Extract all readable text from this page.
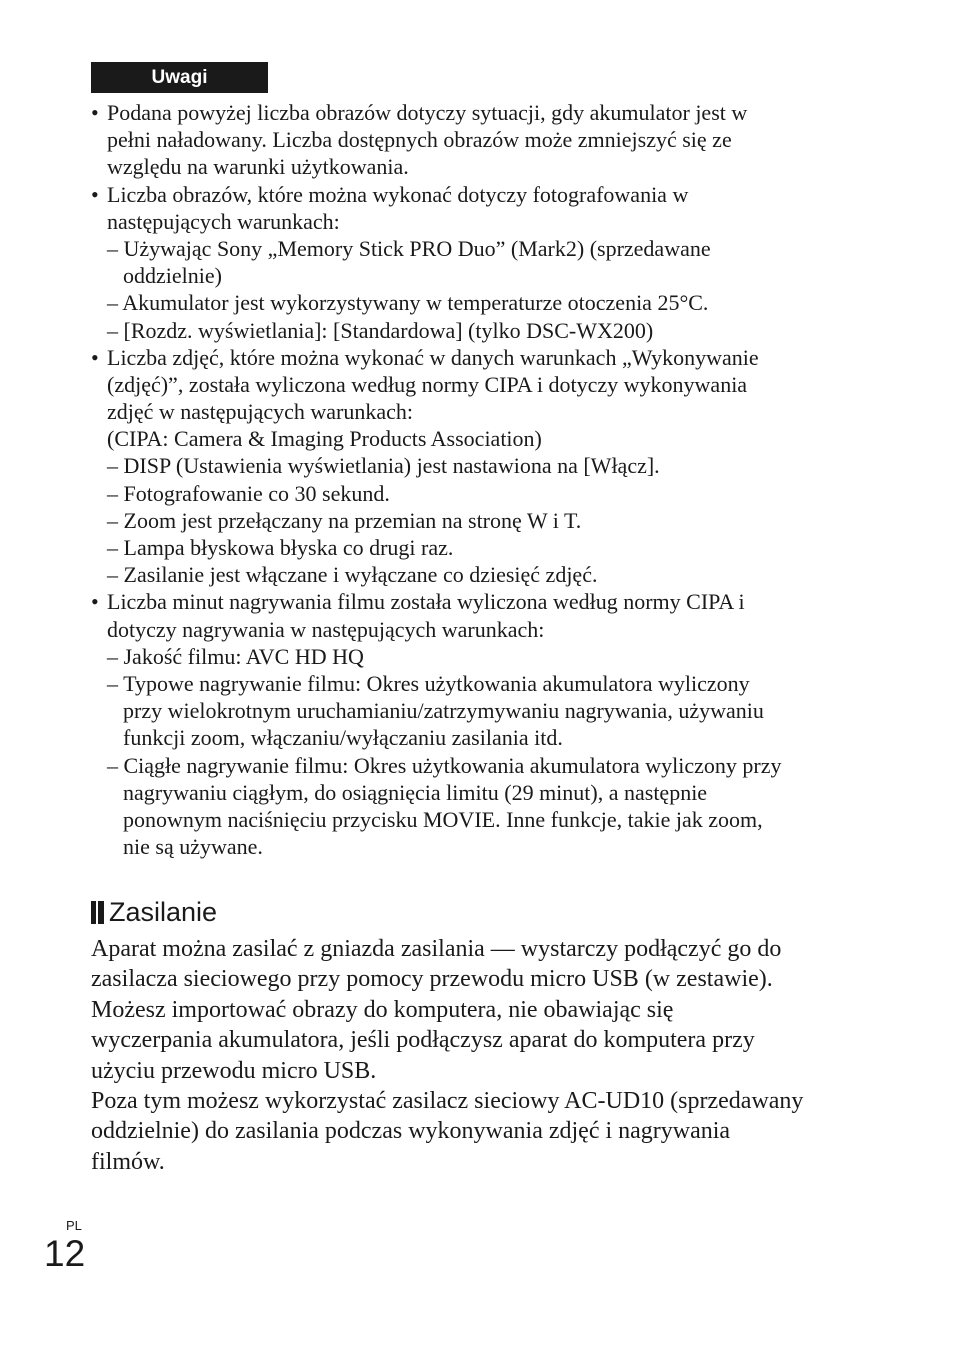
Uwagi
• Podana powyżej liczba obrazów dotyczy sytuacji, gdy akumulator jest w
pełni naładowany. Liczba dostępnych obrazów może zmniejszyć się ze
względu na warunki użytkowania.
• Liczba obrazów, które można wykonać dotyczy fotografowania w
następujących warunkach:
– Używając Sony „Memory Stick PRO Duo” (Mark2) (sprzedawane
oddzielnie)
– Akumulator jest wykorzystywany w temperaturze otoczenia 25°C.
– [Rozdz. wyświetlania]: [Standardowa] (tylko DSC-WX200)
• Liczba zdjęć, które można wykonać w danych warunkach „Wykonywanie
(zdjęć)”, została wyliczona według normy CIPA i dotyczy wykonywania
zdjęć w następujących warunkach:
(CIPA: Camera & Imaging Products Association)
– DISP (Ustawienia wyświetlania) jest nastawiona na [Włącz].
– Fotografowanie co 30 sekund.
– Zoom jest przełączany na przemian na stronę W i T.
– Lampa błyskowa błyska co drugi raz.
– Zasilanie jest włączane i wyłączane co dziesięć zdjęć.
• Liczba minut nagrywania filmu została wyliczona według normy CIPA i
dotyczy nagrywania w następujących warunkach:
– Jakość filmu: AVC HD HQ
– Typowe nagrywanie filmu: Okres użytkowania akumulatora wyliczony
przy wielokrotnym uruchamianiu/zatrzymywaniu nagrywania, używaniu
funkcji zoom, włączaniu/wyłączaniu zasilania itd.
– Ciągłe nagrywanie filmu: Okres użytkowania akumulatora wyliczony przy
nagrywaniu ciągłym, do osiągnięcia limitu (29 minut), a następnie
ponownym naciśnięciu przycisku MOVIE. Inne funkcje, takie jak zoom,
nie są używane.
Zasilanie
Aparat można zasilać z gniazda zasilania — wystarczy podłączyć go do
zasilacza sieciowego przy pomocy przewodu micro USB (w zestawie).
Możesz importować obrazy do komputera, nie obawiając się
wyczerpania akumulatora, jeśli podłączysz aparat do komputera przy
użyciu przewodu micro USB.
Poza tym możesz wykorzystać zasilacz sieciowy AC-UD10 (sprzedawany
oddzielnie) do zasilania podczas wykonywania zdjęć i nagrywania
filmów.
PL
12
